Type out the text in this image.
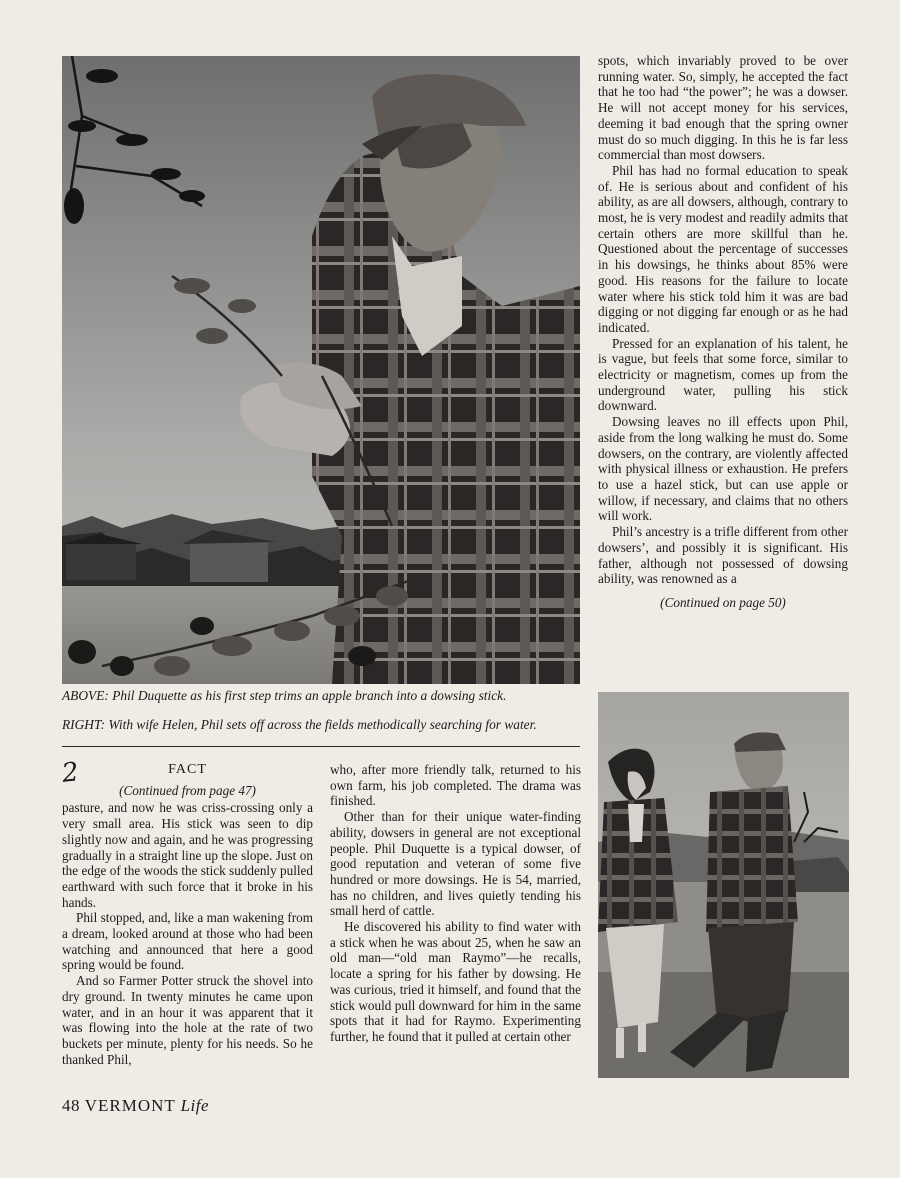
spots, which invariably proved to be over running water. So, simply, he accepted the fact that he too had “the power”; he was a dowser. He will not accept money for his services, deeming it bad enough that the spring owner must do so much digging. In this he is far less commercial than most dowsers.

Phil has had no formal education to speak of. He is serious about and confident of his ability, as are all dowsers, although, contrary to most, he is very modest and readily admits that certain others are more skillful than he. Questioned about the percentage of successes in his dowsings, he thinks about 85% were good. His reasons for the failure to locate water where his stick told him it was are bad digging or not digging far enough or as he had indicated.

Pressed for an explanation of his talent, he is vague, but feels that some force, similar to electricity or magnetism, comes up from the underground water, pulling his stick downward.

Dowsing leaves no ill effects upon Phil, aside from the long walking he must do. Some dowsers, on the contrary, are violently affected with physical illness or exhaustion. He prefers to use a hazel stick, but can use apple or willow, if necessary, and claims that no others will work.

Phil’s ancestry is a trifle different from other dowsers’, and possibly it is significant. His father, although not possessed of dowsing ability, was renowned as a

(Continued on page 50)

ABOVE: Phil Duquette as his first step trims an apple branch into a dowsing stick.
RIGHT: With wife Helen, Phil sets off across the fields methodically searching for water.
2	FACT

(Continued from page 47)

pasture, and now he was criss-crossing only a very small area. His stick was seen to dip slightly now and again, and he was progressing gradually in a straight line up the slope. Just on the edge of the woods the stick suddenly pulled earthward with such force that it broke in his hands.

Phil stopped, and, like a man wakening from a dream, looked around at those who had been watching and announced that here a good spring would be found.

And so Farmer Potter struck the shovel into dry ground. In twenty minutes he came upon water, and in an hour it was apparent that it was flowing into the hole at the rate of two buckets per minute, plenty for his needs. So he thanked Phil,

who, after more friendly talk, returned to his own farm, his job completed. The drama was finished.

Other than for their unique water-finding ability, dowsers in general are not exceptional people. Phil Duquette is a typical dowser, of good reputation and veteran of some five hundred or more dowsings. He is 54, married, has no children, and lives quietly tending his small herd of cattle.

He discovered his ability to find water with a stick when he was about 25, when he saw an old man—“old man Raymo”—he recalls, locate a spring for his father by dowsing. He was curious, tried it himself, and found that the stick would pull downward for him in the same spots that it had for Raymo. Experimenting further, he found that it pulled at certain other

48 VERMONT Life
